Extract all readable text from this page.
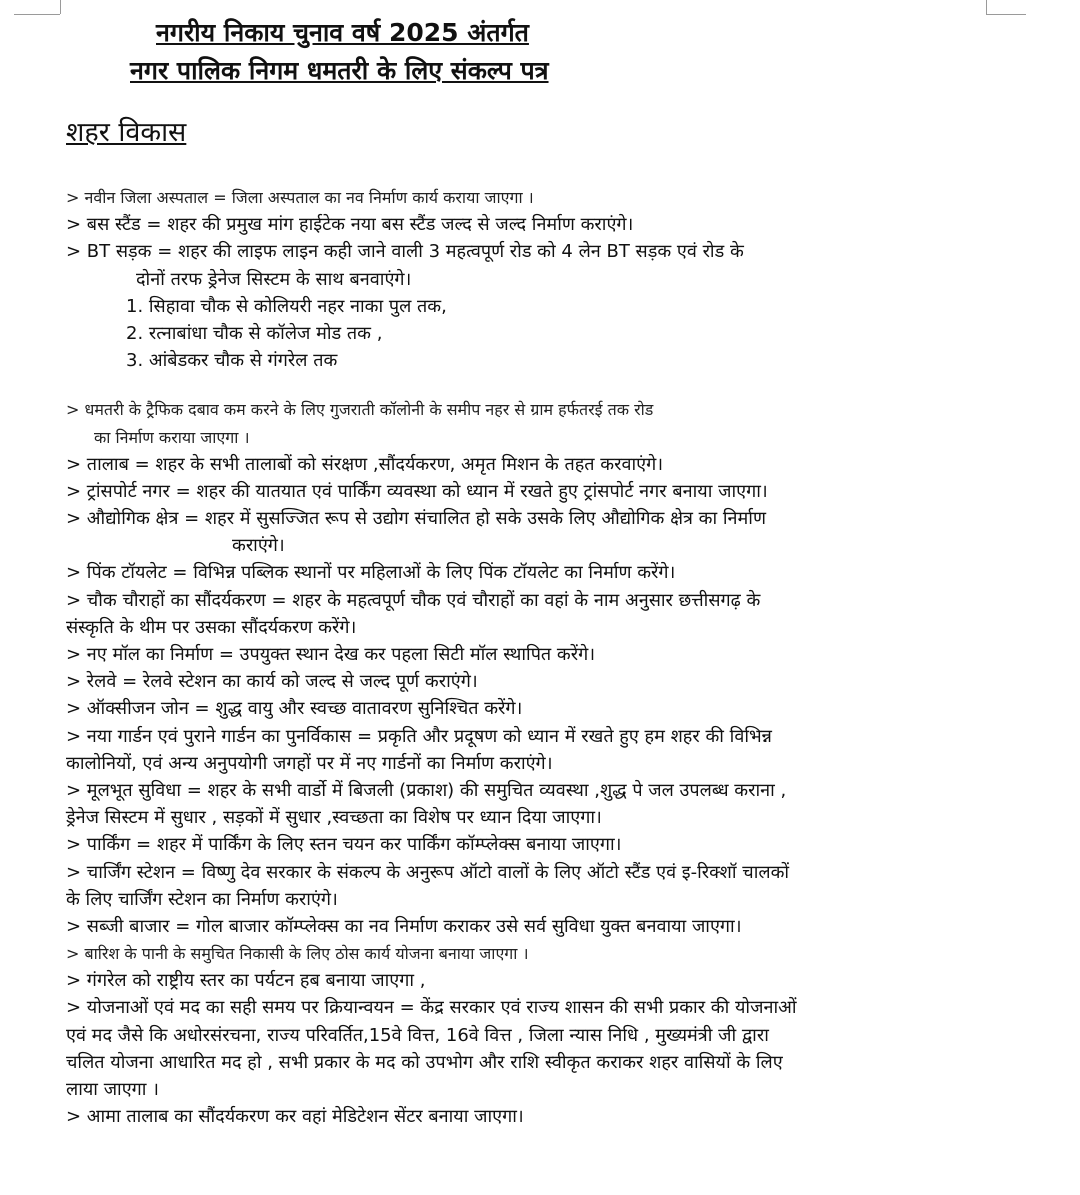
नगरीय निकाय चुनाव वर्ष 2025 अंतर्गत
नगर पालिक निगम धमतरी के लिए संकल्प पत्र
शहर विकास
> नवीन जिला अस्पताल = जिला अस्पताल का नव निर्माण कार्य कराया जाएगा ।
> बस स्टैंड = शहर की प्रमुख मांग हाईटेक नया बस स्टैंड जल्द से जल्द निर्माण कराएंगे।
> BT सड़क = शहर की लाइफ लाइन कही जाने वाली 3 महत्वपूर्ण रोड को 4 लेन BT सड़क एवं रोड के
दोनों तरफ ड्रेनेज सिस्टम के साथ बनवाएंगे।
1. सिहावा चौक से कोलियरी नहर नाका पुल तक,
2. रत्नाबांधा चौक से कॉलेज मोड तक ,
3. आंबेडकर चौक से गंगरेल तक
> धमतरी के ट्रैफिक दबाव कम करने के लिए गुजराती कॉलोनी के समीप नहर से ग्राम हर्फतरई तक रोड
का निर्माण कराया जाएगा ।
> तालाब = शहर के सभी तालाबों को संरक्षण ,सौंदर्यकरण, अमृत मिशन के तहत करवाएंगे।
> ट्रांसपोर्ट नगर = शहर की यातयात एवं पार्किंग व्यवस्था को ध्यान में रखते हुए ट्रांसपोर्ट नगर बनाया जाएगा।
> औद्योगिक क्षेत्र = शहर में सुसज्जित रूप से उद्योग संचालित हो सके उसके लिए औद्योगिक क्षेत्र का निर्माण
कराएंगे।
> पिंक टॉयलेट = विभिन्न पब्लिक स्थानों पर महिलाओं के लिए पिंक टॉयलेट का निर्माण करेंगे।
> चौक चौराहों का सौंदर्यकरण = शहर के महत्वपूर्ण चौक एवं चौराहों का वहां के नाम अनुसार छत्तीसगढ़ के
संस्कृति के थीम पर उसका सौंदर्यकरण करेंगे।
> नए मॉल का निर्माण = उपयुक्त स्थान देख कर पहला सिटी मॉल स्थापित करेंगे।
> रेलवे = रेलवे स्टेशन का कार्य को जल्द से जल्द पूर्ण कराएंगे।
> ऑक्सीजन जोन = शुद्ध वायु और स्वच्छ वातावरण सुनिश्चित करेंगे।
> नया गार्डन एवं पुराने गार्डन का पुनर्विकास = प्रकृति और प्रदूषण को ध्यान में रखते हुए हम शहर की विभिन्न
कालोनियों, एवं अन्य अनुपयोगी जगहों पर में नए गार्डनों का निर्माण कराएंगे।
> मूलभूत सुविधा = शहर के सभी वार्डो में बिजली (प्रकाश) की समुचित व्यवस्था ,शुद्ध पे जल उपलब्ध कराना ,
ड्रेनेज सिस्टम में सुधार , सड़कों में सुधार ,स्वच्छता का विशेष पर ध्यान दिया जाएगा।
> पार्किंग = शहर में पार्किंग के लिए स्तन चयन कर पार्किंग कॉम्प्लेक्स बनाया जाएगा।
> चार्जिंग स्टेशन = विष्णु देव सरकार के संकल्प के अनुरूप ऑटो वालों के लिए ऑटो स्टैंड एवं इ-रिक्शॉ चालकों
के लिए चार्जिंग स्टेशन का निर्माण कराएंगे।
> सब्जी बाजार = गोल बाजार कॉम्प्लेक्स का नव निर्माण कराकर उसे सर्व सुविधा युक्त बनवाया जाएगा।
> बारिश के पानी के समुचित निकासी के लिए ठोस कार्य योजना बनाया जाएगा ।
> गंगरेल को राष्ट्रीय स्तर का पर्यटन हब बनाया जाएगा ,
> योजनाओं एवं मद का सही समय पर क्रियान्वयन = केंद्र सरकार एवं राज्य शासन की सभी प्रकार की योजनाओं
एवं मद जैसे कि अधोरसंरचना, राज्य परिवर्तित,15वे वित्त, 16वे वित्त , जिला न्यास निधि , मुख्यमंत्री जी द्वारा
चलित योजना आधारित मद हो , सभी प्रकार के मद को उपभोग और राशि स्वीकृत कराकर शहर वासियों के लिए
लाया जाएगा ।
> आमा तालाब का सौंदर्यकरण कर वहां मेडिटेशन सेंटर बनाया जाएगा।
